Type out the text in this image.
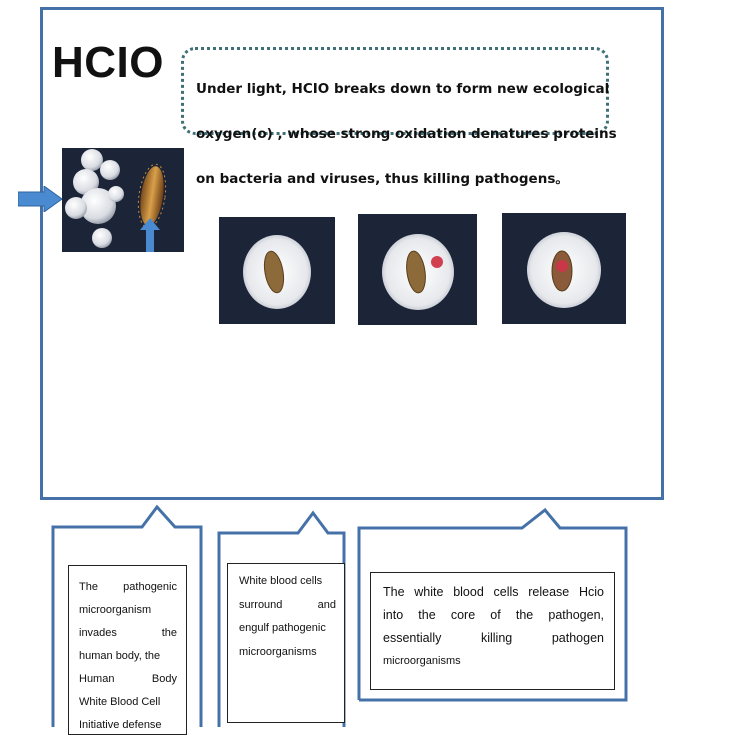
HCIO
Under light, HCIO breaks down to form new ecological
oxygen(o) , whose strong oxidation denatures proteins
on bacteria and viruses, thus killing pathogens。
The pathogenic
microorganism
invades the
human body, the
Human Body
White Blood Cell
Initiative defense
White blood cells
surround and
engulf pathogenic
microorganisms
The white blood cells release Hcio
into the core of the pathogen,
essentially killing pathogen
microorganisms
